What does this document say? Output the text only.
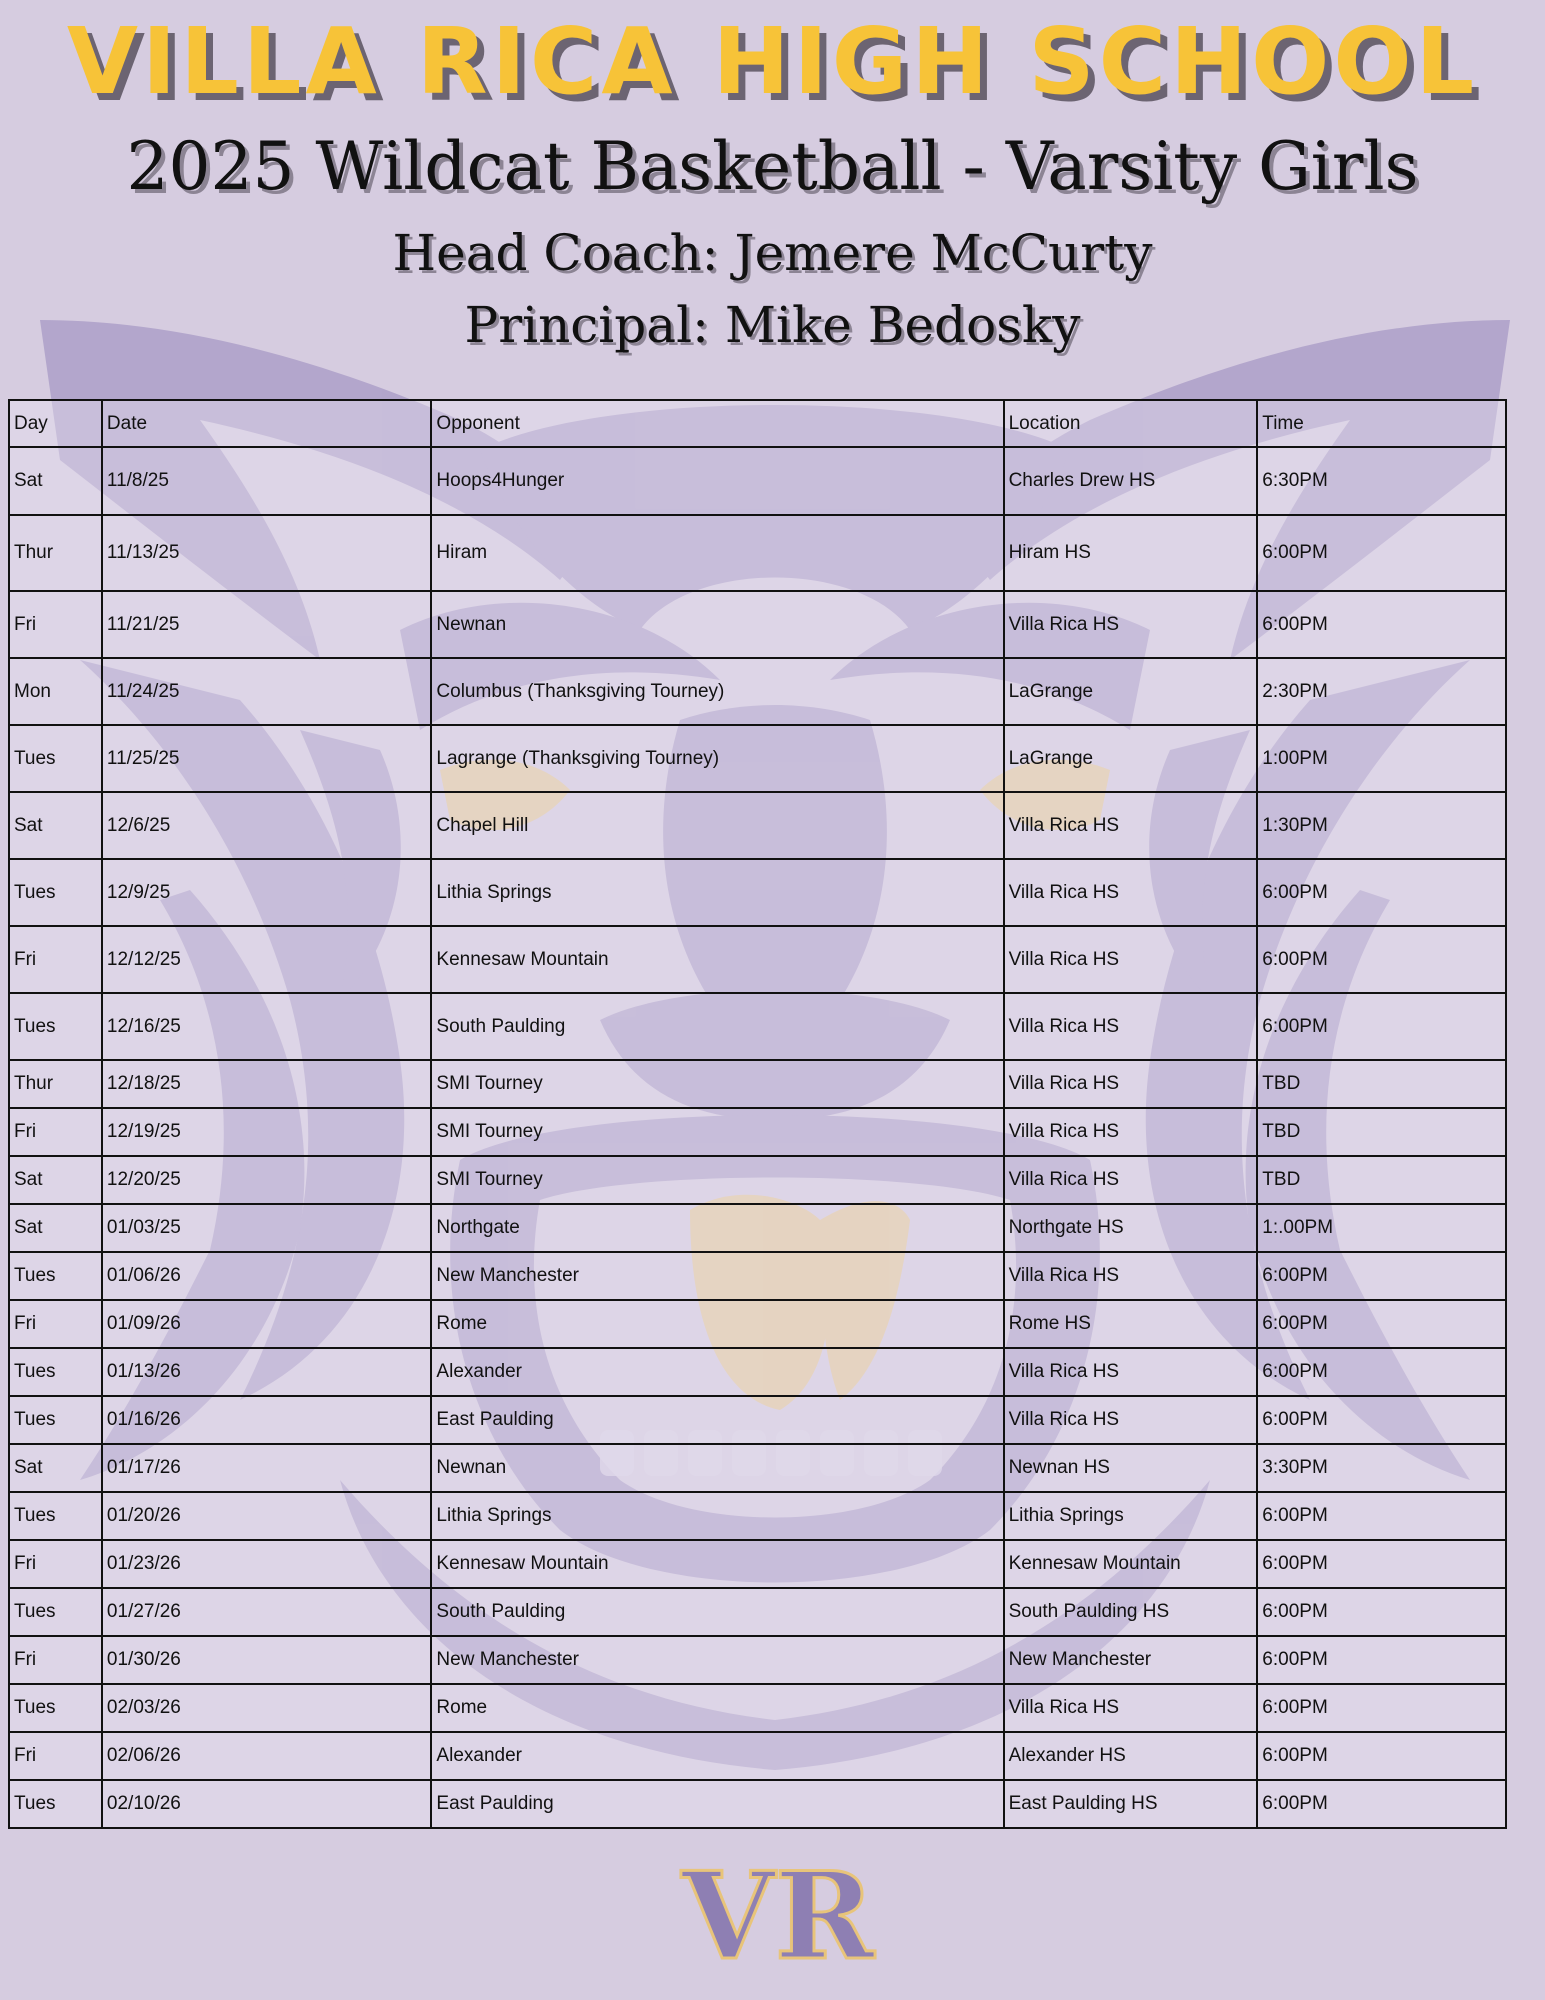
VILLA RICA HIGH SCHOOL
2025 Wildcat Basketball - Varsity Girls
Head Coach: Jemere McCurty
Principal: Mike Bedosky
Day	Date	Opponent	Location	Time
Sat	11/8/25	Hoops4Hunger	Charles Drew HS	6:30PM
Thur	11/13/25	Hiram	Hiram HS	6:00PM
Fri	11/21/25	Newnan	Villa Rica HS	6:00PM
Mon	11/24/25	Columbus (Thanksgiving Tourney)	LaGrange	2:30PM
Tues	11/25/25	Lagrange (Thanksgiving Tourney)	LaGrange	1:00PM
Sat	12/6/25	Chapel Hill	Villa Rica HS	1:30PM
Tues	12/9/25	Lithia Springs	Villa Rica HS	6:00PM
Fri	12/12/25	Kennesaw Mountain	Villa Rica HS	6:00PM
Tues	12/16/25	South Paulding	Villa Rica HS	6:00PM
Thur	12/18/25	SMI Tourney	Villa Rica HS	TBD
Fri	12/19/25	SMI Tourney	Villa Rica HS	TBD
Sat	12/20/25	SMI Tourney	Villa Rica HS	TBD
Sat	01/03/25	Northgate	Northgate HS	1:.00PM
Tues	01/06/26	New Manchester	Villa Rica HS	6:00PM
Fri	01/09/26	Rome	Rome HS	6:00PM
Tues	01/13/26	Alexander	Villa Rica HS	6:00PM
Tues	01/16/26	East Paulding	Villa Rica HS	6:00PM
Sat	01/17/26	Newnan	Newnan HS	3:30PM
Tues	01/20/26	Lithia Springs	Lithia Springs	6:00PM
Fri	01/23/26	Kennesaw Mountain	Kennesaw Mountain	6:00PM
Tues	01/27/26	South Paulding	South Paulding HS	6:00PM
Fri	01/30/26	New Manchester	New Manchester	6:00PM
Tues	02/03/26	Rome	Villa Rica HS	6:00PM
Fri	02/06/26	Alexander	Alexander HS	6:00PM
Tues	02/10/26	East Paulding	East Paulding HS	6:00PM
VR
